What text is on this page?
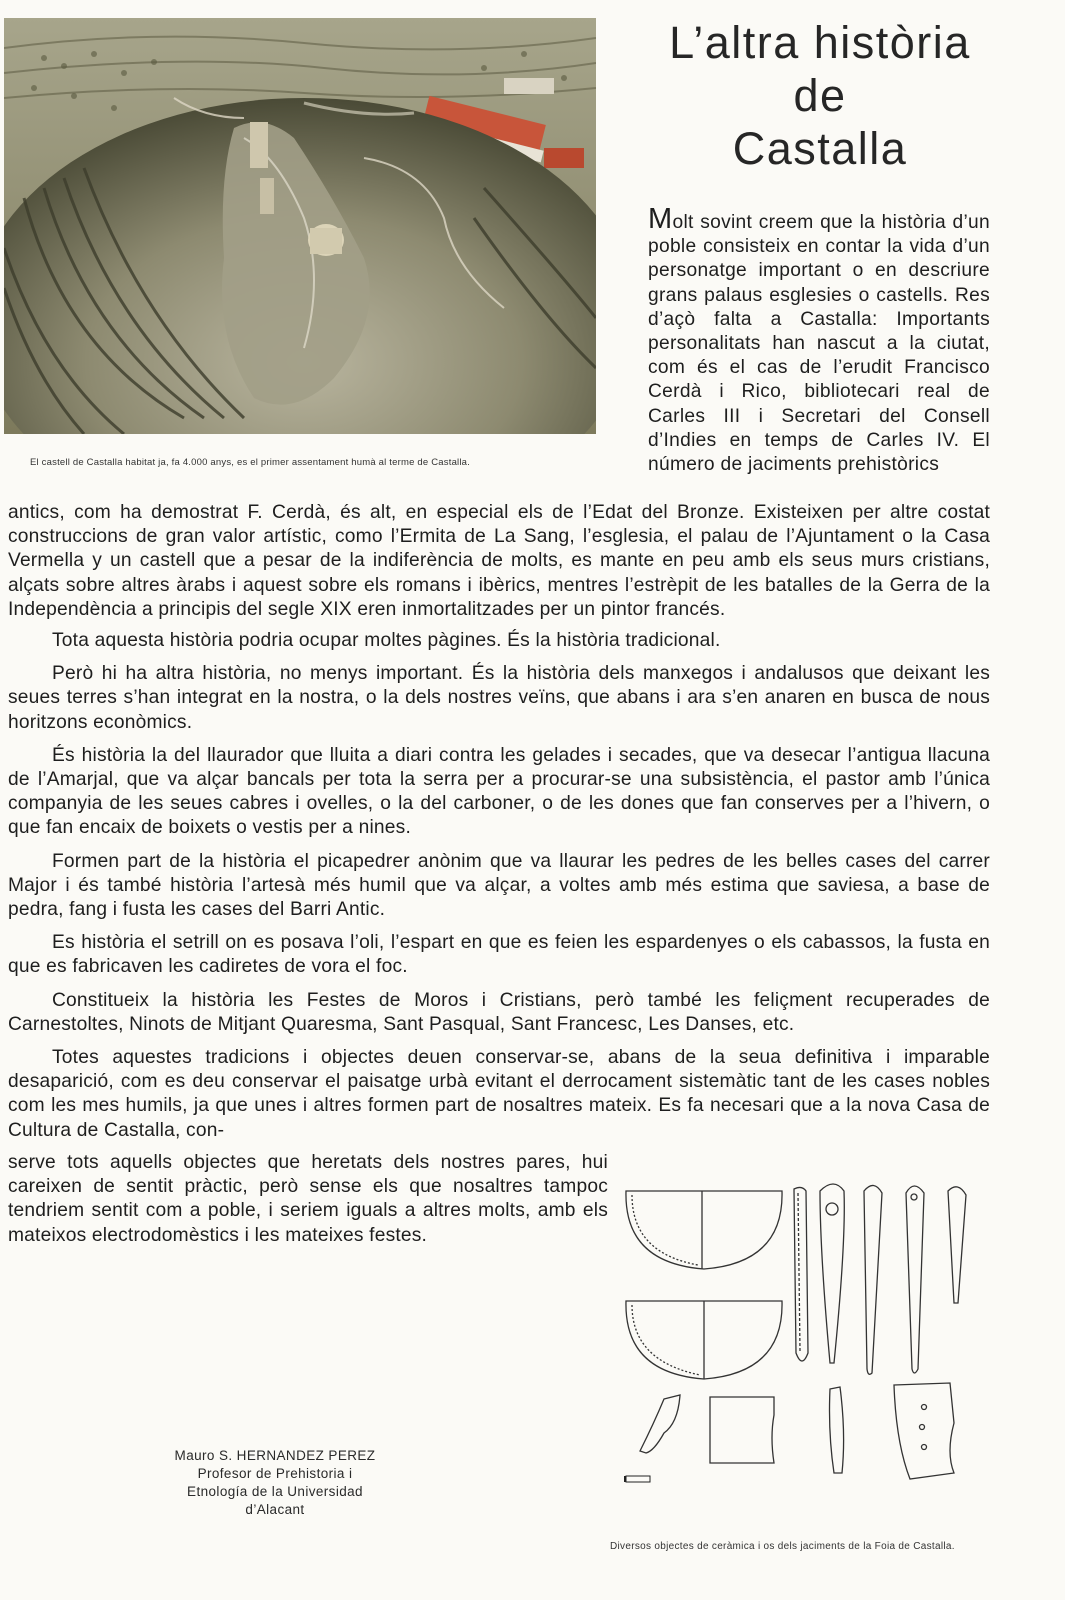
El castell de Castalla habitat ja, fa 4.000 anys, es el primer assentament humà al terme de Castalla.
L’altra història
de
Castalla
Molt sovint creem que la història d’un poble consisteix en contar la vida d’un personatge important o en descriure grans palaus esglesies o castells. Res d’açò falta a Castalla: Importants personalitats han nascut a la ciutat, com és el cas de l’erudit Francisco Cerdà i Rico, bibliotecari real de Carles III i Secretari del Consell d’Indies en temps de Carles IV. El número de jaciments prehistòrics

antics, com ha demostrat F. Cerdà, és alt, en especial els de l’Edat del Bronze. Existeixen per altre costat construccions de gran valor artístic, como l’Ermita de La Sang, l’esglesia, el palau de l’Ajuntament o la Casa Vermella y un castell que a pesar de la indiferència de molts, es mante en peu amb els seus murs cristians, alçats sobre altres àrabs i aquest sobre els romans i ibèrics, mentres l’estrèpit de les batalles de la Gerra de la Independència a principis del segle XIX eren inmortalitzades per un pintor francés.

Tota aquesta història podria ocupar moltes pàgines. És la història tradicional.

Però hi ha altra història, no menys important. És la història dels manxegos i andalusos que deixant les seues terres s’han integrat en la nostra, o la dels nostres veïns, que abans i ara s’en anaren en busca de nous horitzons econòmics.

És història la del llaurador que lluita a diari contra les gelades i secades, que va desecar l’antigua llacuna de l’Amarjal, que va alçar bancals per tota la serra per a procurar-se una subsistència, el pastor amb l’única companyia de les seues cabres i ovelles, o la del carboner, o de les dones que fan conserves per a l’hivern, o que fan encaix de boixets o vestis per a nines.

Formen part de la història el picapedrer anònim que va llaurar les pedres de les belles cases del carrer Major i és també història l’artesà més humil que va alçar, a voltes amb més estima que saviesa, a base de pedra, fang i fusta les cases del Barri Antic.

Es història el setrill on es posava l’oli, l’espart en que es feien les espardenyes o els cabassos, la fusta en que es fabricaven les cadiretes de vora el foc.

Constitueix la història les Festes de Moros i Cristians, però també les feliçment recuperades de Carnestoltes, Ninots de Mitjant Quaresma, Sant Pasqual, Sant Francesc, Les Danses, etc.

Totes aquestes tradicions i objectes deuen conservar-se, abans de la seua definitiva i imparable desaparició, com es deu conservar el paisatge urbà evitant el derrocament sistemàtic tant de les cases nobles com les mes humils, ja que unes i altres formen part de nosaltres mateix. Es fa necesari que a la nova Casa de Cultura de Castalla, con-

serve tots aquells objectes que heretats dels nostres pares, hui careixen de sentit pràctic, però sense els que nosaltres tampoc tendriem sentit com a poble, i seriem iguals a altres molts, amb els mateixos electrodomèstics i les mateixes festes.
Mauro S. HERNANDEZ PEREZ
Profesor de Prehistoria i
Etnología de la Universidad
d’Alacant
Diversos objectes de ceràmica i os dels jaciments de la Foia de Castalla.
